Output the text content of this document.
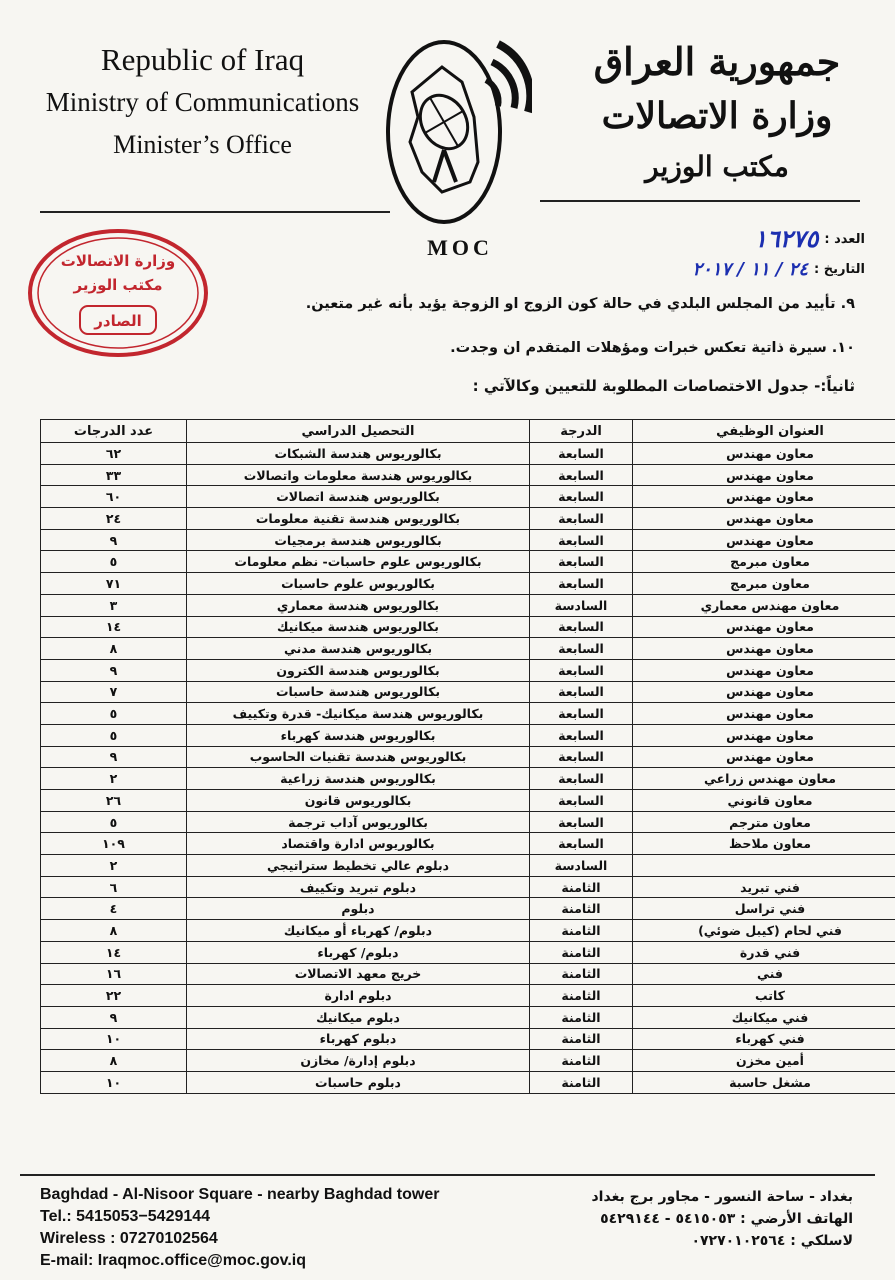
Republic of Iraq
Ministry of Communications
Minister’s Office
جمهورية العراق
وزارة الاتصالات
مكتب الوزير
MOC
وزارة الاتصالات
مكتب الوزير
الصادر
العدد :
١٦٢٧٥
التاريخ :
٢٤ / ١١ / ٢٠١٧
٩. تأييد من المجلس البلدي في حالة كون الزوج او الزوجة يؤيد بأنه غير متعين.
١٠. سيرة ذاتية تعكس خبرات ومؤهلات المتقدم ان وجدت.
ثانياً:- جدول الاختصاصات المطلوبة للتعيين وكالآتي :
العنوان الوظيفي	الدرجة	التحصيل الدراسي	عدد الدرجات
معاون مهندس	السابعة	بكالوريوس هندسة الشبكات	٦٢
معاون مهندس	السابعة	بكالوريوس هندسة معلومات واتصالات	٣٣
معاون مهندس	السابعة	بكالوريوس هندسة اتصالات	٦٠
معاون مهندس	السابعة	بكالوريوس هندسة تقنية معلومات	٢٤
معاون مهندس	السابعة	بكالوريوس هندسة برمجيات	٩
معاون مبرمج	السابعة	بكالوريوس علوم حاسبات- نظم معلومات	٥
معاون مبرمج	السابعة	بكالوريوس علوم حاسبات	٧١
معاون مهندس معماري	السادسة	بكالوريوس هندسة معماري	٣
معاون مهندس	السابعة	بكالوريوس هندسة ميكانيك	١٤
معاون مهندس	السابعة	بكالوريوس هندسة مدني	٨
معاون مهندس	السابعة	بكالوريوس هندسة الكترون	٩
معاون مهندس	السابعة	بكالوريوس هندسة حاسبات	٧
معاون مهندس	السابعة	بكالوريوس هندسة ميكانيك- قدرة وتكييف	٥
معاون مهندس	السابعة	بكالوريوس هندسة كهرباء	٥
معاون مهندس	السابعة	بكالوريوس هندسة تقنيات الحاسوب	٩
معاون مهندس زراعي	السابعة	بكالوريوس هندسة زراعية	٢
معاون قانوني	السابعة	بكالوريوس قانون	٢٦
معاون مترجم	السابعة	بكالوريوس آداب ترجمة	٥
معاون ملاحظ	السابعة	بكالوريوس ادارة واقتصاد	١٠٩
	السادسة	دبلوم عالي تخطيط ستراتيجي	٢
فني تبريد	الثامنة	دبلوم تبريد وتكييف	٦
فني تراسل	الثامنة	دبلوم	٤
فني لحام (كيبل ضوئي)	الثامنة	دبلوم/ كهرباء أو ميكانيك	٨
فني قدرة	الثامنة	دبلوم/ كهرباء	١٤
فني	الثامنة	خريج معهد الاتصالات	١٦
كاتب	الثامنة	دبلوم ادارة	٢٢
فني ميكانيك	الثامنة	دبلوم ميكانيك	٩
فني كهرباء	الثامنة	دبلوم كهرباء	١٠
أمين مخزن	الثامنة	دبلوم إدارة/ مخازن	٨
مشغل حاسبة	الثامنة	دبلوم حاسبات	١٠
Baghdad - Al-Nisoor Square - nearby Baghdad tower
Tel.: 5415053−5429144
Wireless : 07270102564
E-mail: Iraqmoc.office@moc.gov.iq
بغداد - ساحة النسور - مجاور برج بغداد
الهاتف الأرضي : ٥٤١٥٠٥٣ - ٥٤٢٩١٤٤
لاسلكي : ٠٧٢٧٠١٠٢٥٦٤
